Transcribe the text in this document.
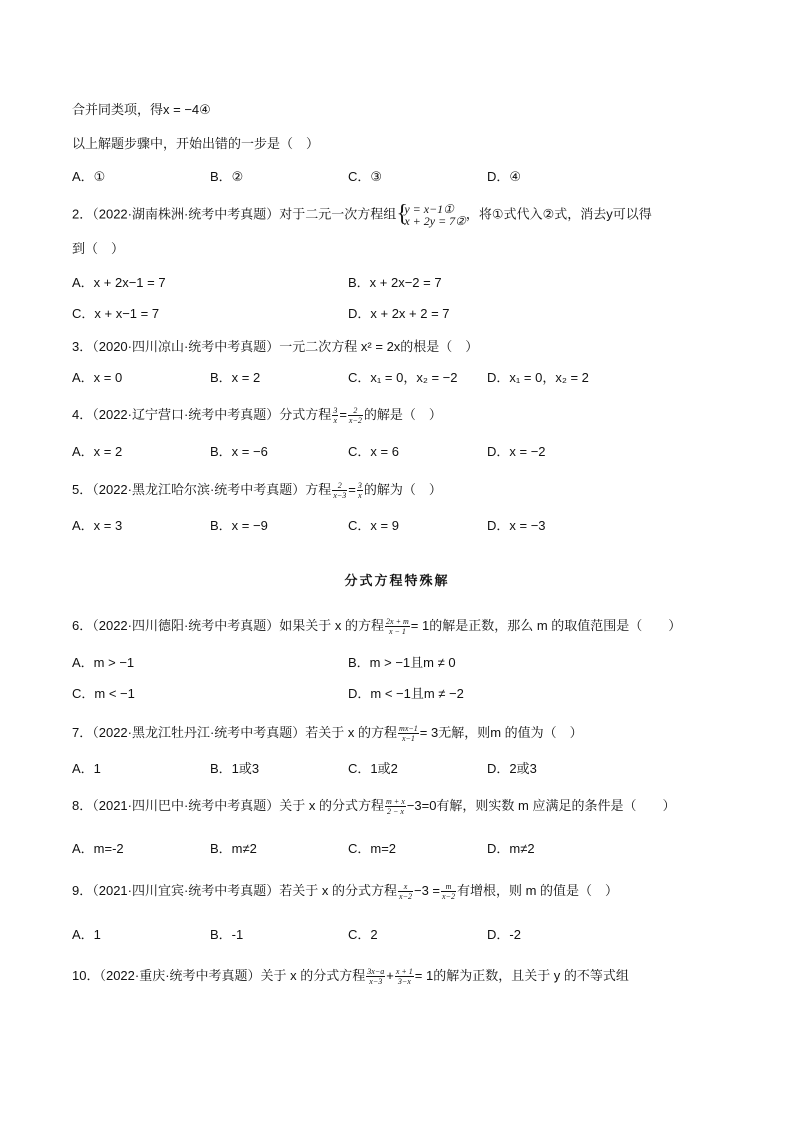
合并同类项，得x = −4④
以上解题步骤中，开始出错的一步是（　）
A．①	B．②	C．③	D．④
2．（2022·湖南株洲·统考中考真题）对于二元一次方程组 {
y = x−1①
x + 2y = 7② ，将①式代入②式，消去y可以得
到（　）
A．x + 2x−1 = 7	B．x + 2x−2 = 7
C．x + x−1 = 7	D．x + 2x + 2 = 7
3．（2020·四川凉山·统考中考真题）一元二次方程 x² = 2x的根是（　）
A．x = 0	B．x = 2	C．x₁ = 0，x₂ = −2 D．x₁ = 0，x₂ = 2
4．（2022·辽宁营口·统考中考真题）分式方程 $\frac{3}{x} = \frac{2}{x-2}$ 的解是（　）
A．x = 2	B．x = −6	C．x = 6	D．x = −2
5．（2022·黑龙江哈尔滨·统考中考真题）方程 $\frac{2}{x-3} = \frac{3}{x}$ 的解为（　）
A．x = 3	B．x = −9	C．x = 9	D．x = −3
分式方程特殊解
6．（2022·四川德阳·统考中考真题）如果关于 x 的方程 $\frac{2x + m}{x - 1} = 1$的解是正数，那么 m 的取值范围是（　　）
A．m > −1	B．m > −1且m ≠ 0
C．m < −1	D．m < −1且m ≠ −2
7．（2022·黑龙江牡丹江·统考中考真题）若关于 x 的方程 $\frac{mx-1}{x-1} = 3$无解，则m 的值为（　）
A．1	B．1或3	C．1或2	D．2或3
8．（2021·四川巴中·统考中考真题）关于 x 的分式方程 $\frac{m + x}{2 - x} -3=0$有解，则实数 m 应满足的条件是（　　）
A．m=-2	B．m≠2	C．m=2	D．m≠2
9．（2021·四川宜宾·统考中考真题）若关于 x 的分式方程 $\frac{x}{x-2} -3 = \frac{m}{x-2}$ 有增根，则 m 的值是（　）
A．1	B．-1	C．2	D．-2
10．（2022·重庆·统考中考真题）关于 x 的分式方程 $\frac{3x-a}{x-3} + \frac{x + 1}{3-x} = 1$的解为正数，且关于 y 的不等式组
